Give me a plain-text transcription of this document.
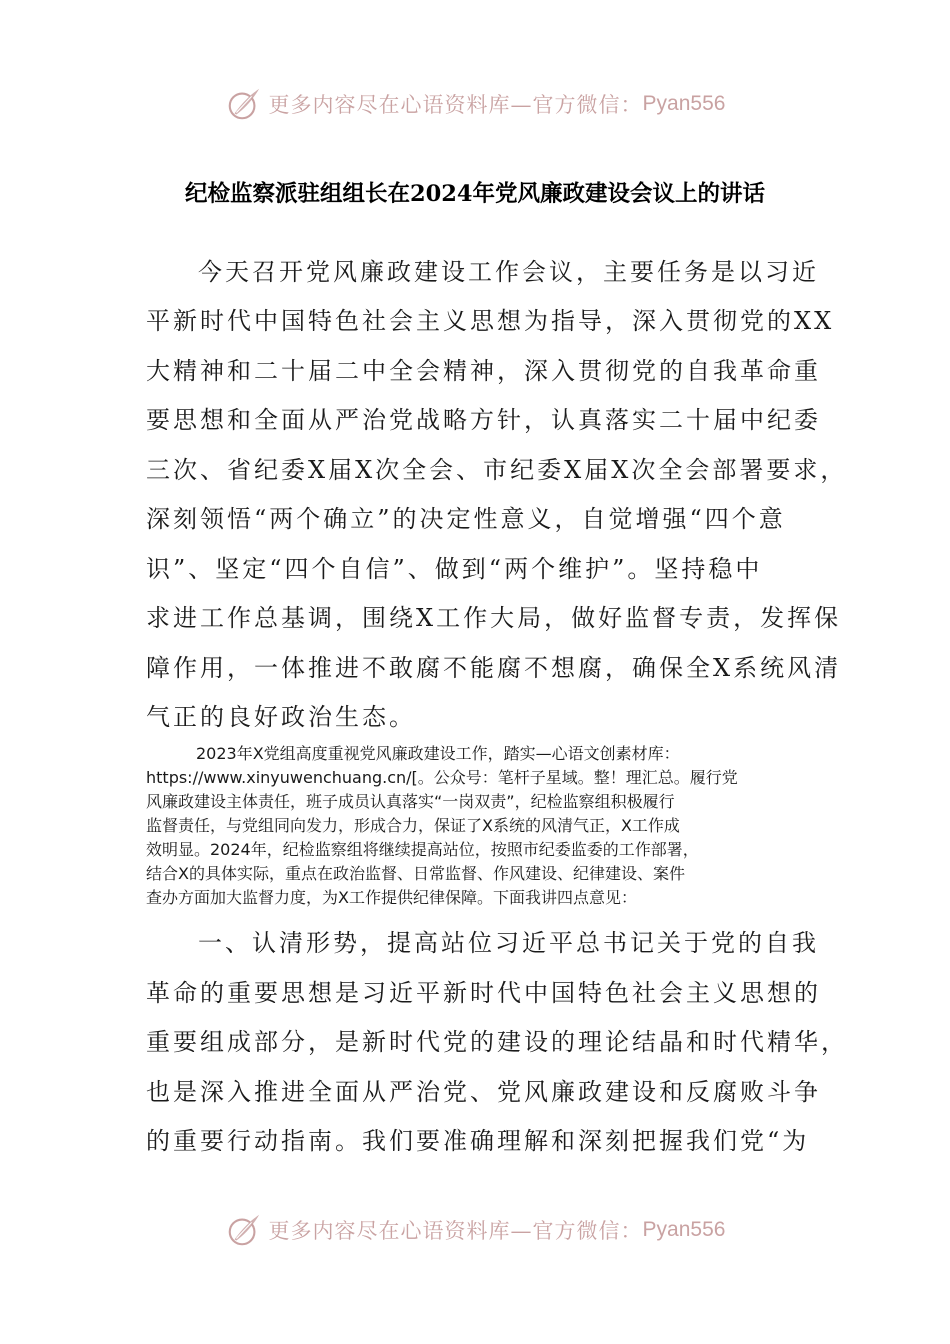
更多内容尽在心语资料库—官方微信： Pyan556
纪检监察派驻组组长在2024年党风廉政建设会议上的讲话
今天召开党风廉政建设工作会议，主要任务是以习近
平新时代中国特色社会主义思想为指导，深入贯彻党的XX
大精神和二十届二中全会精神，深入贯彻党的自我革命重
要思想和全面从严治党战略方针，认真落实二十届中纪委
三次、省纪委X届X次全会、市纪委X届X次全会部署要求，
深刻领悟“两个确立”的决定性意义，自觉增强“四个意
识”、坚定“四个自信”、做到“两个维护”。坚持稳中
求进工作总基调，围绕X工作大局，做好监督专责，发挥保
障作用，一体推进不敢腐不能腐不想腐，确保全X系统风清
气正的良好政治生态。
2023年X党组高度重视党风廉政建设工作，踏实—心语文创素材库：
https://www.xinyuwenchuang.cn/[。公众号：笔杆子星域。整！理汇总。履行党
风廉政建设主体责任，班子成员认真落实“一岗双责”，纪检监察组积极履行
监督责任，与党组同向发力，形成合力，保证了X系统的风清气正，X工作成
效明显。2024年，纪检监察组将继续提高站位，按照市纪委监委的工作部署，
结合X的具体实际，重点在政治监督、日常监督、作风建设、纪律建设、案件
查办方面加大监督力度，为X工作提供纪律保障。下面我讲四点意见：
一、认清形势，提高站位习近平总书记关于党的自我
革命的重要思想是习近平新时代中国特色社会主义思想的
重要组成部分，是新时代党的建设的理论结晶和时代精华，
也是深入推进全面从严治党、党风廉政建设和反腐败斗争
的重要行动指南。我们要准确理解和深刻把握我们党“为
更多内容尽在心语资料库—官方微信： Pyan556
